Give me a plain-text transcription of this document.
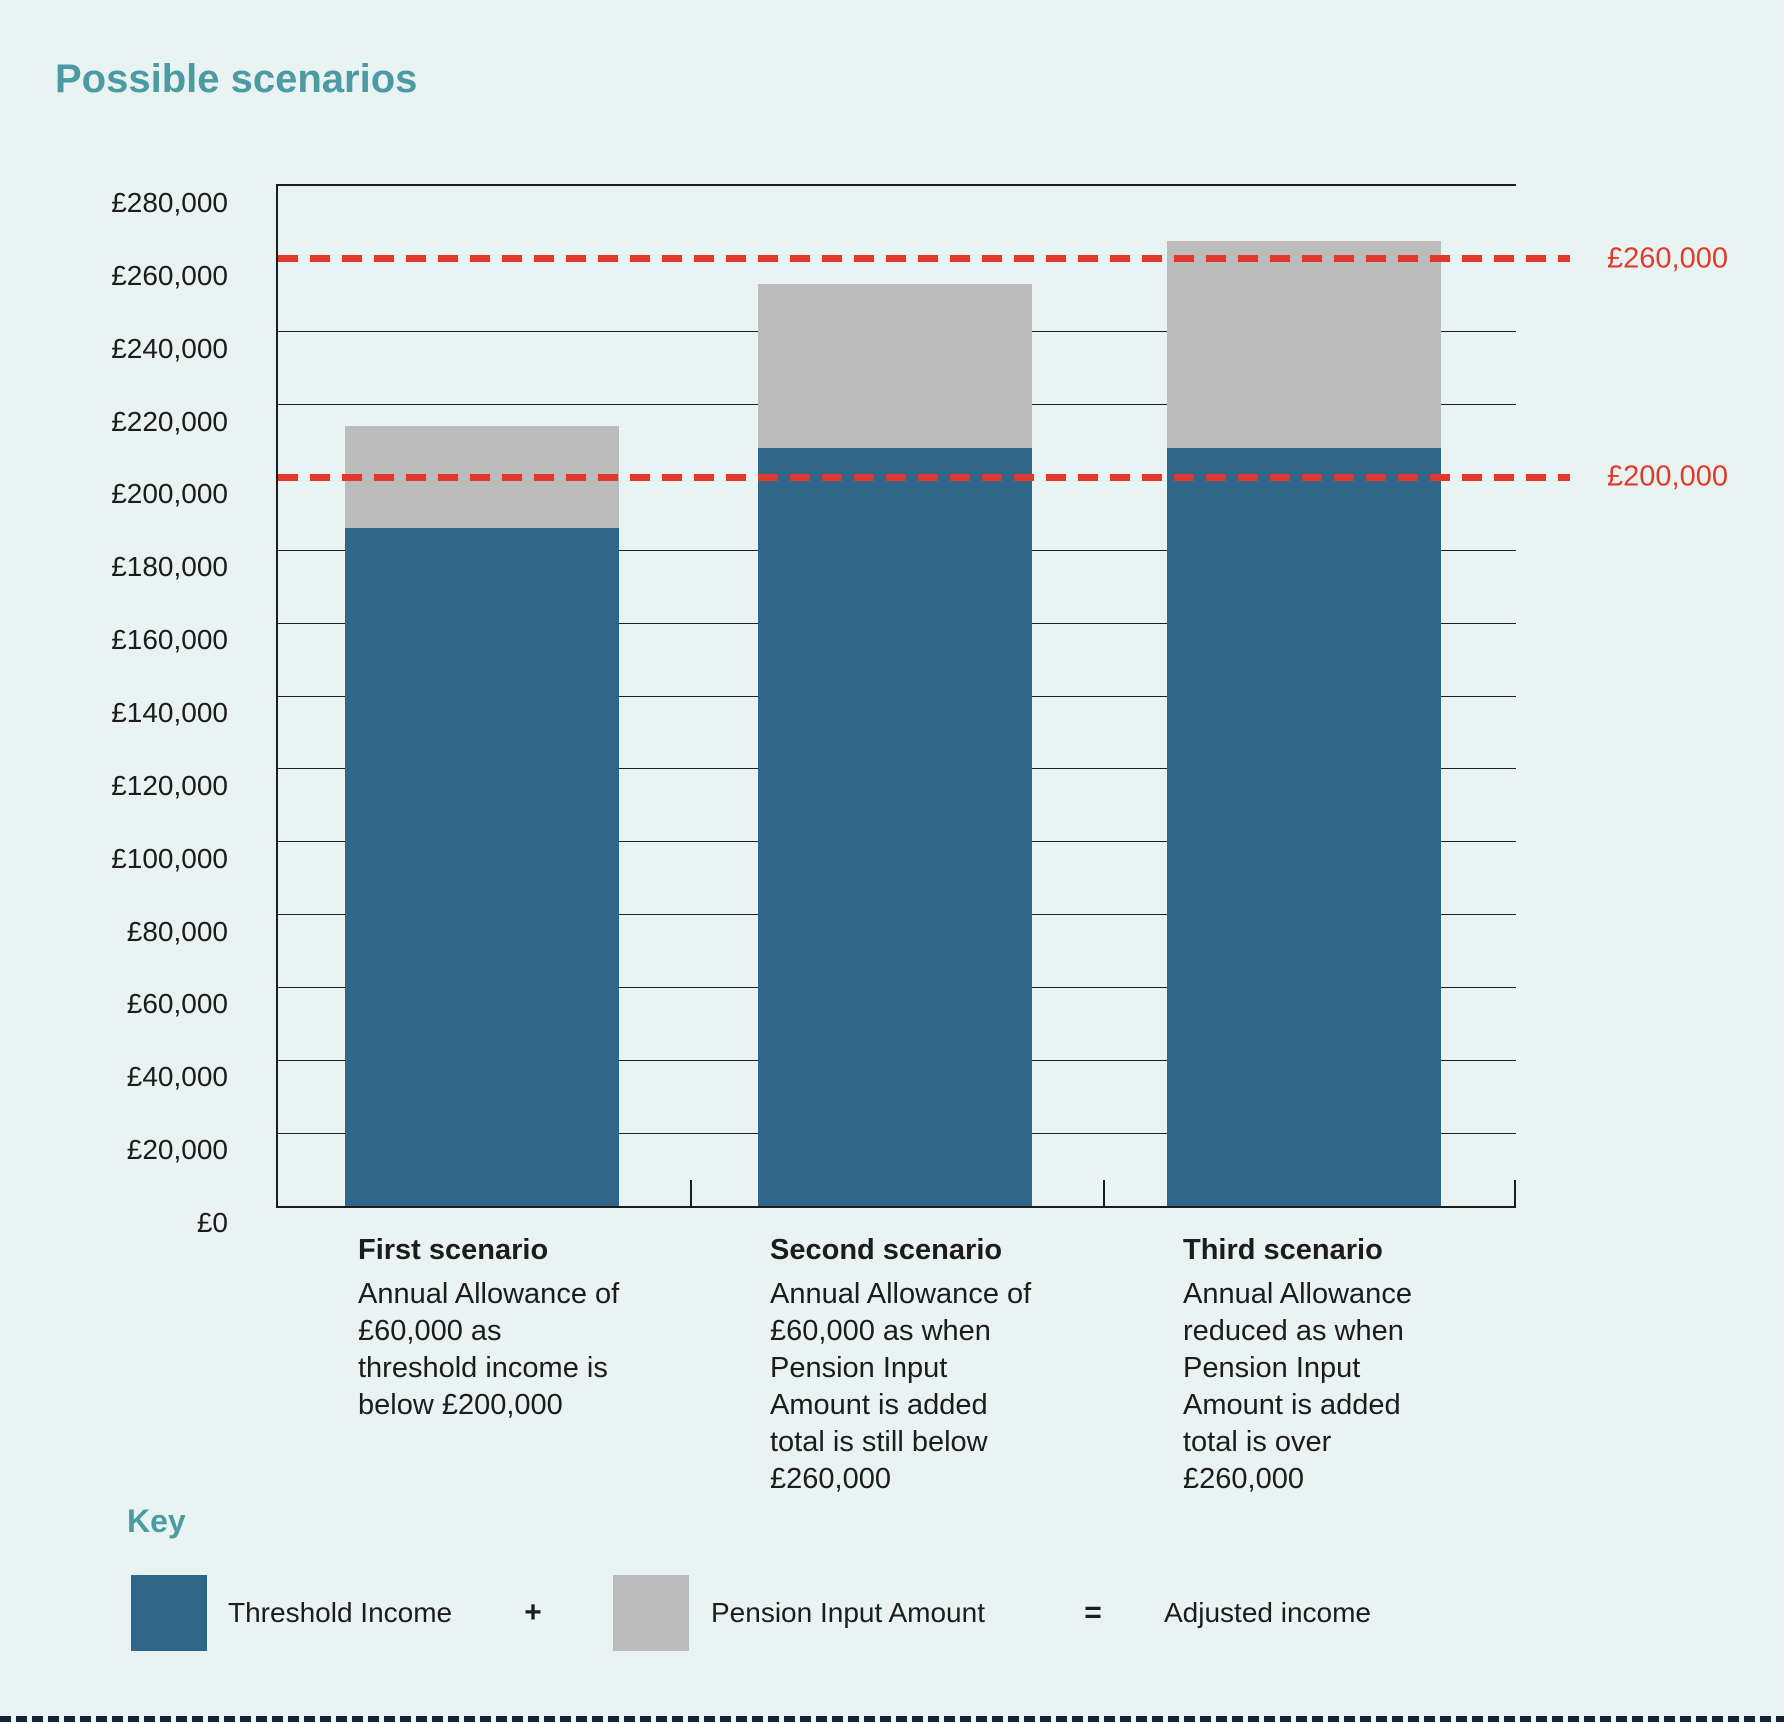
Possible scenarios
£0
£20,000
£40,000
£60,000
£80,000
£100,000
£120,000
£140,000
£160,000
£180,000
£200,000
£220,000
£240,000
£260,000
£280,000
£200,000
£260,000
First scenario
Annual Allowance of
£60,000 as
threshold income is
below £200,000
Second scenario
Annual Allowance of
£60,000 as when
Pension Input
Amount is added
total is still below
£260,000
Third scenario
Annual Allowance
reduced as when
Pension Input
Amount is added
total is over
£260,000
Key
Threshold Income	+	Pension Input Amount	=	Adjusted income
